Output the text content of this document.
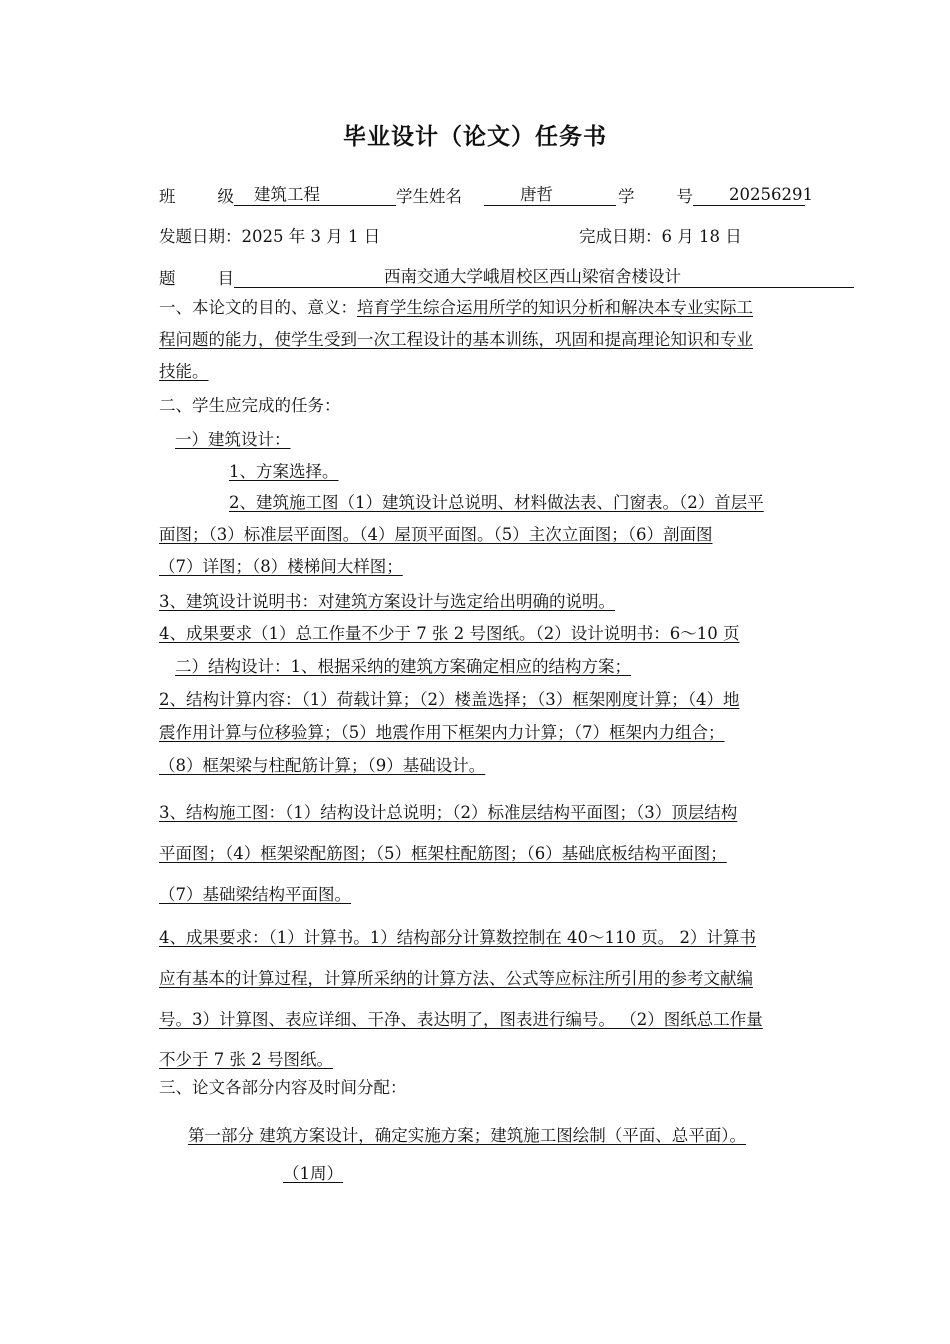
毕业设计（论文）任务书
班	级 建筑工程	学生姓名	唐哲	学	号 20256291
发题日期：2025 年 3 月 1 日	完成日期：6 月 18 日
题	目	西南交通大学峨眉校区西山梁宿舍楼设计
一、本论文的目的、意义：培育学生综合运用所学的知识分析和解决本专业实际工
程问题的能力，使学生受到一次工程设计的基本训练，巩固和提高理论知识和专业
技能。
二、学生应完成的任务：
一）建筑设计：
1、方案选择。
2、建筑施工图（1）建筑设计总说明、材料做法表、门窗表。（2）首层平
面图；（3）标准层平面图。（4）屋顶平面图。（5）主次立面图；（6）剖面图
（7）详图；（8）楼梯间大样图；
3、建筑设计说明书：对建筑方案设计与选定给出明确的说明。
4、成果要求（1）总工作量不少于 7 张 2 号图纸。（2）设计说明书：6～10 页
二）结构设计：1、根据采纳的建筑方案确定相应的结构方案；
2、结构计算内容：（1）荷载计算；（2）楼盖选择；（3）框架刚度计算；（4）地
震作用计算与位移验算；（5）地震作用下框架内力计算；（7）框架内力组合；
（8）框架梁与柱配筋计算；（9）基础设计。
3、结构施工图：（1）结构设计总说明；（2）标准层结构平面图；（3）顶层结构
平面图；（4）框架梁配筋图；（5）框架柱配筋图；（6）基础底板结构平面图；
（7）基础梁结构平面图。
4、成果要求：（1）计算书。1）结构部分计算数控制在 40～110 页。 2）计算书
应有基本的计算过程，计算所采纳的计算方法、公式等应标注所引用的参考文献编
号。3）计算图、表应详细、干净、表达明了，图表进行编号。 （2）图纸总工作量
不少于 7 张 2 号图纸。
三、论文各部分内容及时间分配：
第一部分 建筑方案设计，确定实施方案；建筑施工图绘制（平面、总平面）。
（1周）
